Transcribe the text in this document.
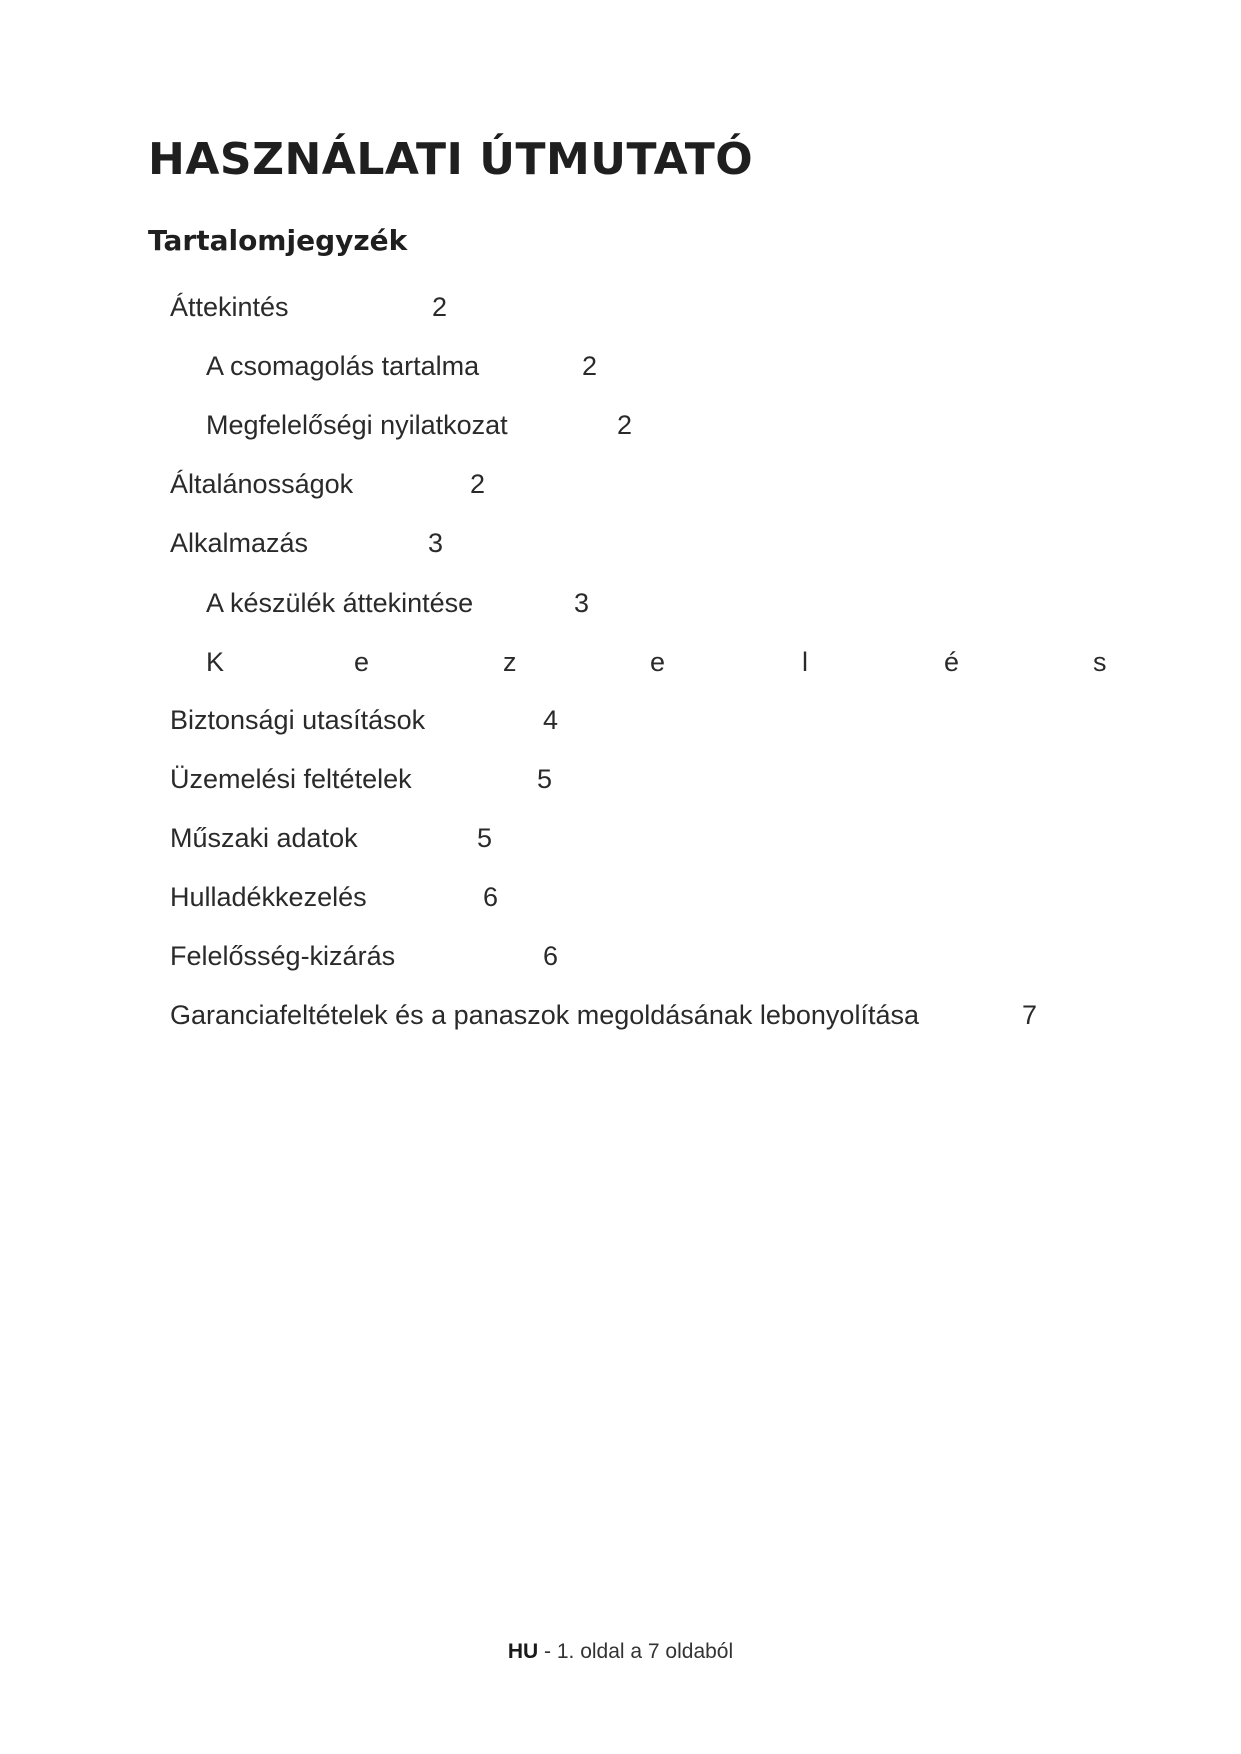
HASZNÁLATI ÚTMUTATÓ
Tartalomjegyzék
Áttekintés	2
A csomagolás tartalma	2
Megfelelőségi nyilatkozat	2
Általánosságok	2
Alkalmazás	3
A készülék áttekintése	3
K	e	z	e	l	é	s
Biztonsági utasítások	4
Üzemelési feltételek	5
Műszaki adatok	5
Hulladékkezelés	6
Felelősség-kizárás	6
Garanciafeltételek és a panaszok megoldásának lebonyolítása	7
HU - 1. oldal a 7 oldaból
